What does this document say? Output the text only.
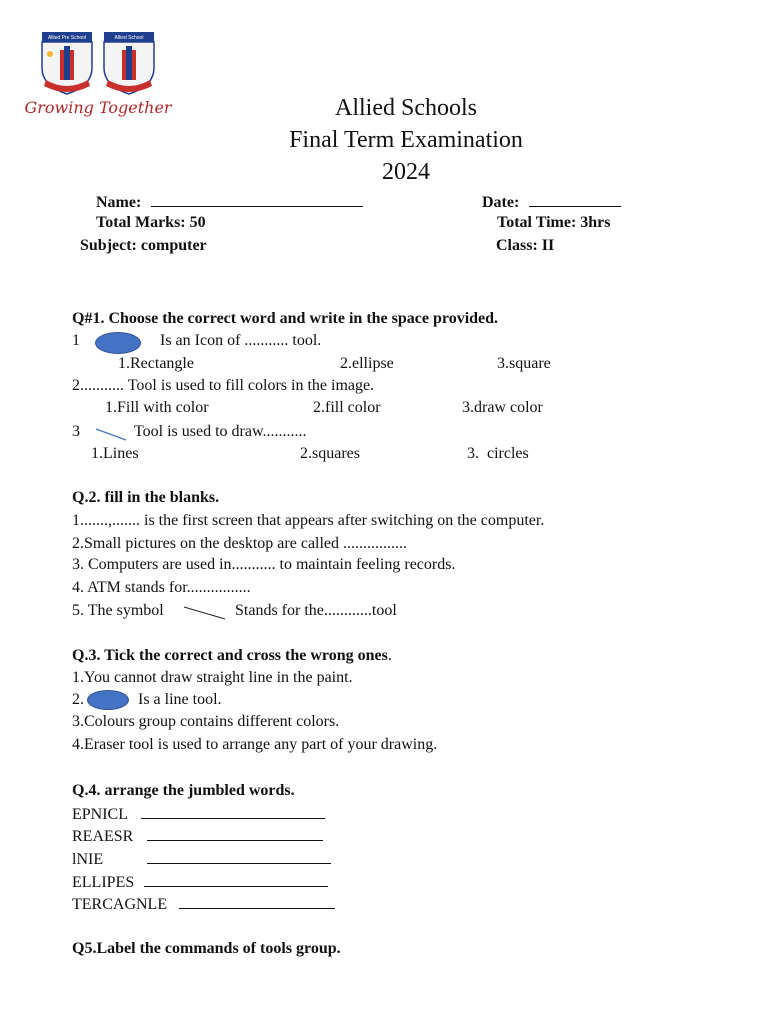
Allied Pre School	Allied School
Growing Together	Allied Schools
Final Term Examination
2024
Name:	Date:
Total Marks: 50	Total Time: 3hrs
Subject: computer	Class: II
Q#1. Choose the correct word and write in the space provided.
1	Is an Icon of ........... tool.
1.Rectangle	2.ellipse	3.square
2........... Tool is used to fill colors in the image.
1.Fill with color	2.fill color	3.draw color
3	Tool is used to draw...........
1.Lines	2.squares	3.  circles
Q.2. fill in the blanks.
1.......,....... is the first screen that appears after switching on the computer.
2.Small pictures on the desktop are called ................
3. Computers are used in........... to maintain feeling records.
4. ATM stands for................
5. The symbol	Stands for the............tool
Q.3. Tick the correct and cross the wrong ones.
1.You cannot draw straight line in the paint.
2.	Is a line tool.
3.Colours group contains different colors.
4.Eraser tool is used to arrange any part of your drawing.
Q.4. arrange the jumbled words.
EPNICL
REAESR
lNIE
ELLIPES
TERCAGNLE
Q5.Label the commands of tools group.
